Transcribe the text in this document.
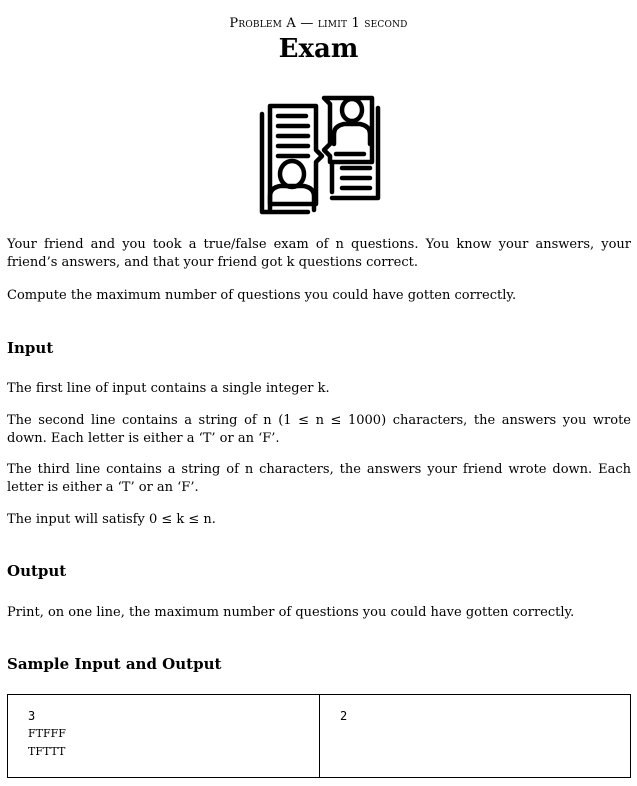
Problem A — limit 1 second
Exam
Your friend and you took a true/false exam of n questions. You know your answers, your friend’s answers, and that your friend got k questions correct.
Compute the maximum number of questions you could have gotten correctly.
Input
The first line of input contains a single integer k.
The second line contains a string of n (1 ≤ n ≤ 1000) characters, the answers you wrote down. Each letter is either a ‘T’ or an ‘F’.
The third line contains a string of n characters, the answers your friend wrote down. Each letter is either a ‘T’ or an ‘F’.
The input will satisfy 0 ≤ k ≤ n.
Output
Print, on one line, the maximum number of questions you could have gotten correctly.
Sample Input and Output
3
FTFFF
TFTTT
2
